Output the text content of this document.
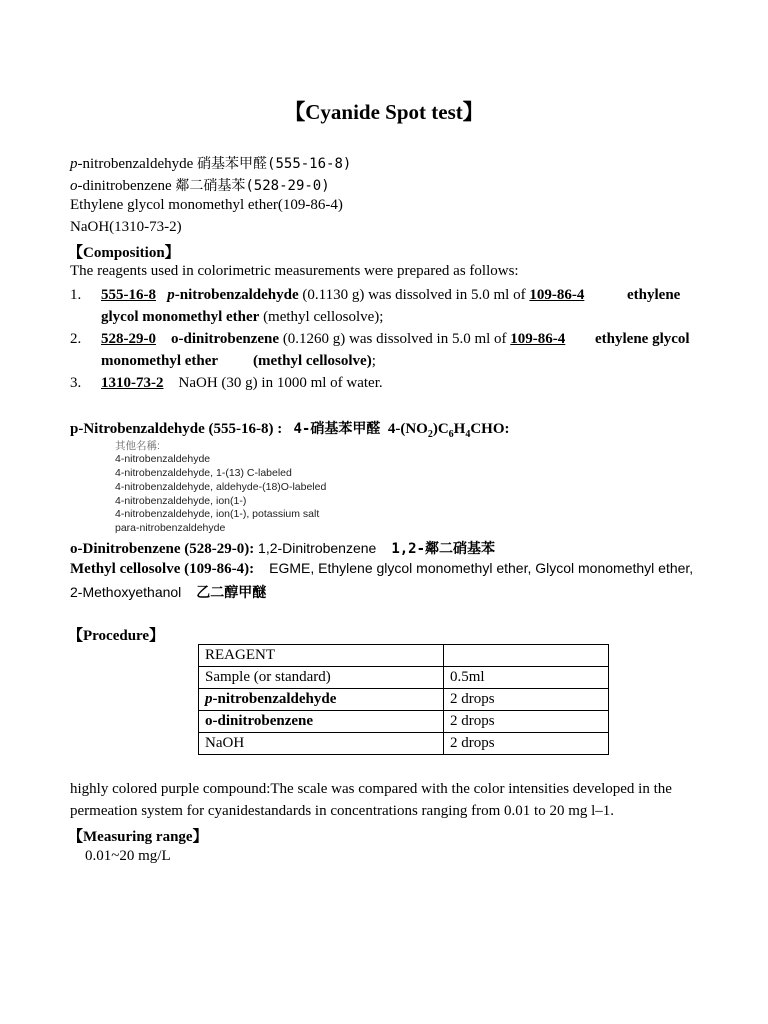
【Cyanide Spot test】
p-nitrobenzaldehyde 硝基苯甲醛(555-16-8)
o-dinitrobenzene 鄰二硝基苯(528-29-0)
Ethylene glycol monomethyl ether(109-86-4)
NaOH(1310-73-2)
【Composition】
The reagents used in colorimetric measurements were prepared as follows:
1. 555-16-8 p-nitrobenzaldehyde (0.1130 g) was dissolved in 5.0 ml of 109-86-4	ethylene
glycol monomethyl ether (methyl cellosolve);
2. 528-29-0 o-dinitrobenzene (0.1260 g) was dissolved in 5.0 ml of 109-86-4 ethylene glycol
monomethyl ether (methyl cellosolve);
3. 1310-73-2 NaOH (30 g) in 1000 ml of water.
p-Nitrobenzaldehyde (555-16-8) : 4-硝基苯甲醛 $4-(NO_2)C_6H_4CHO$:
其他名稱:
4-nitrobenzaldehyde
4-nitrobenzaldehyde, 1-(13) C-labeled
4-nitrobenzaldehyde, aldehyde-(18)O-labeled
4-nitrobenzaldehyde, ion(1-)
4-nitrobenzaldehyde, ion(1-), potassium salt
para-nitrobenzaldehyde
o-Dinitrobenzene (528-29-0): 1,2-Dinitrobenzene 1,2-鄰二硝基苯
Methyl cellosolve (109-86-4): EGME, Ethylene glycol monomethyl ether, Glycol monomethyl ether,
2-Methoxyethanol 乙二醇甲醚
【Procedure】
REAGENT	
Sample (or standard)	0.5ml
p-nitrobenzaldehyde	2 drops
o-dinitrobenzene	2 drops
NaOH	2 drops
highly colored purple compound:The scale was compared with the color intensities developed in the
permeation system for cyanidestandards in concentrations ranging from 0.01 to 20 mg l–1.
【Measuring range】
0.01~20 mg/L
